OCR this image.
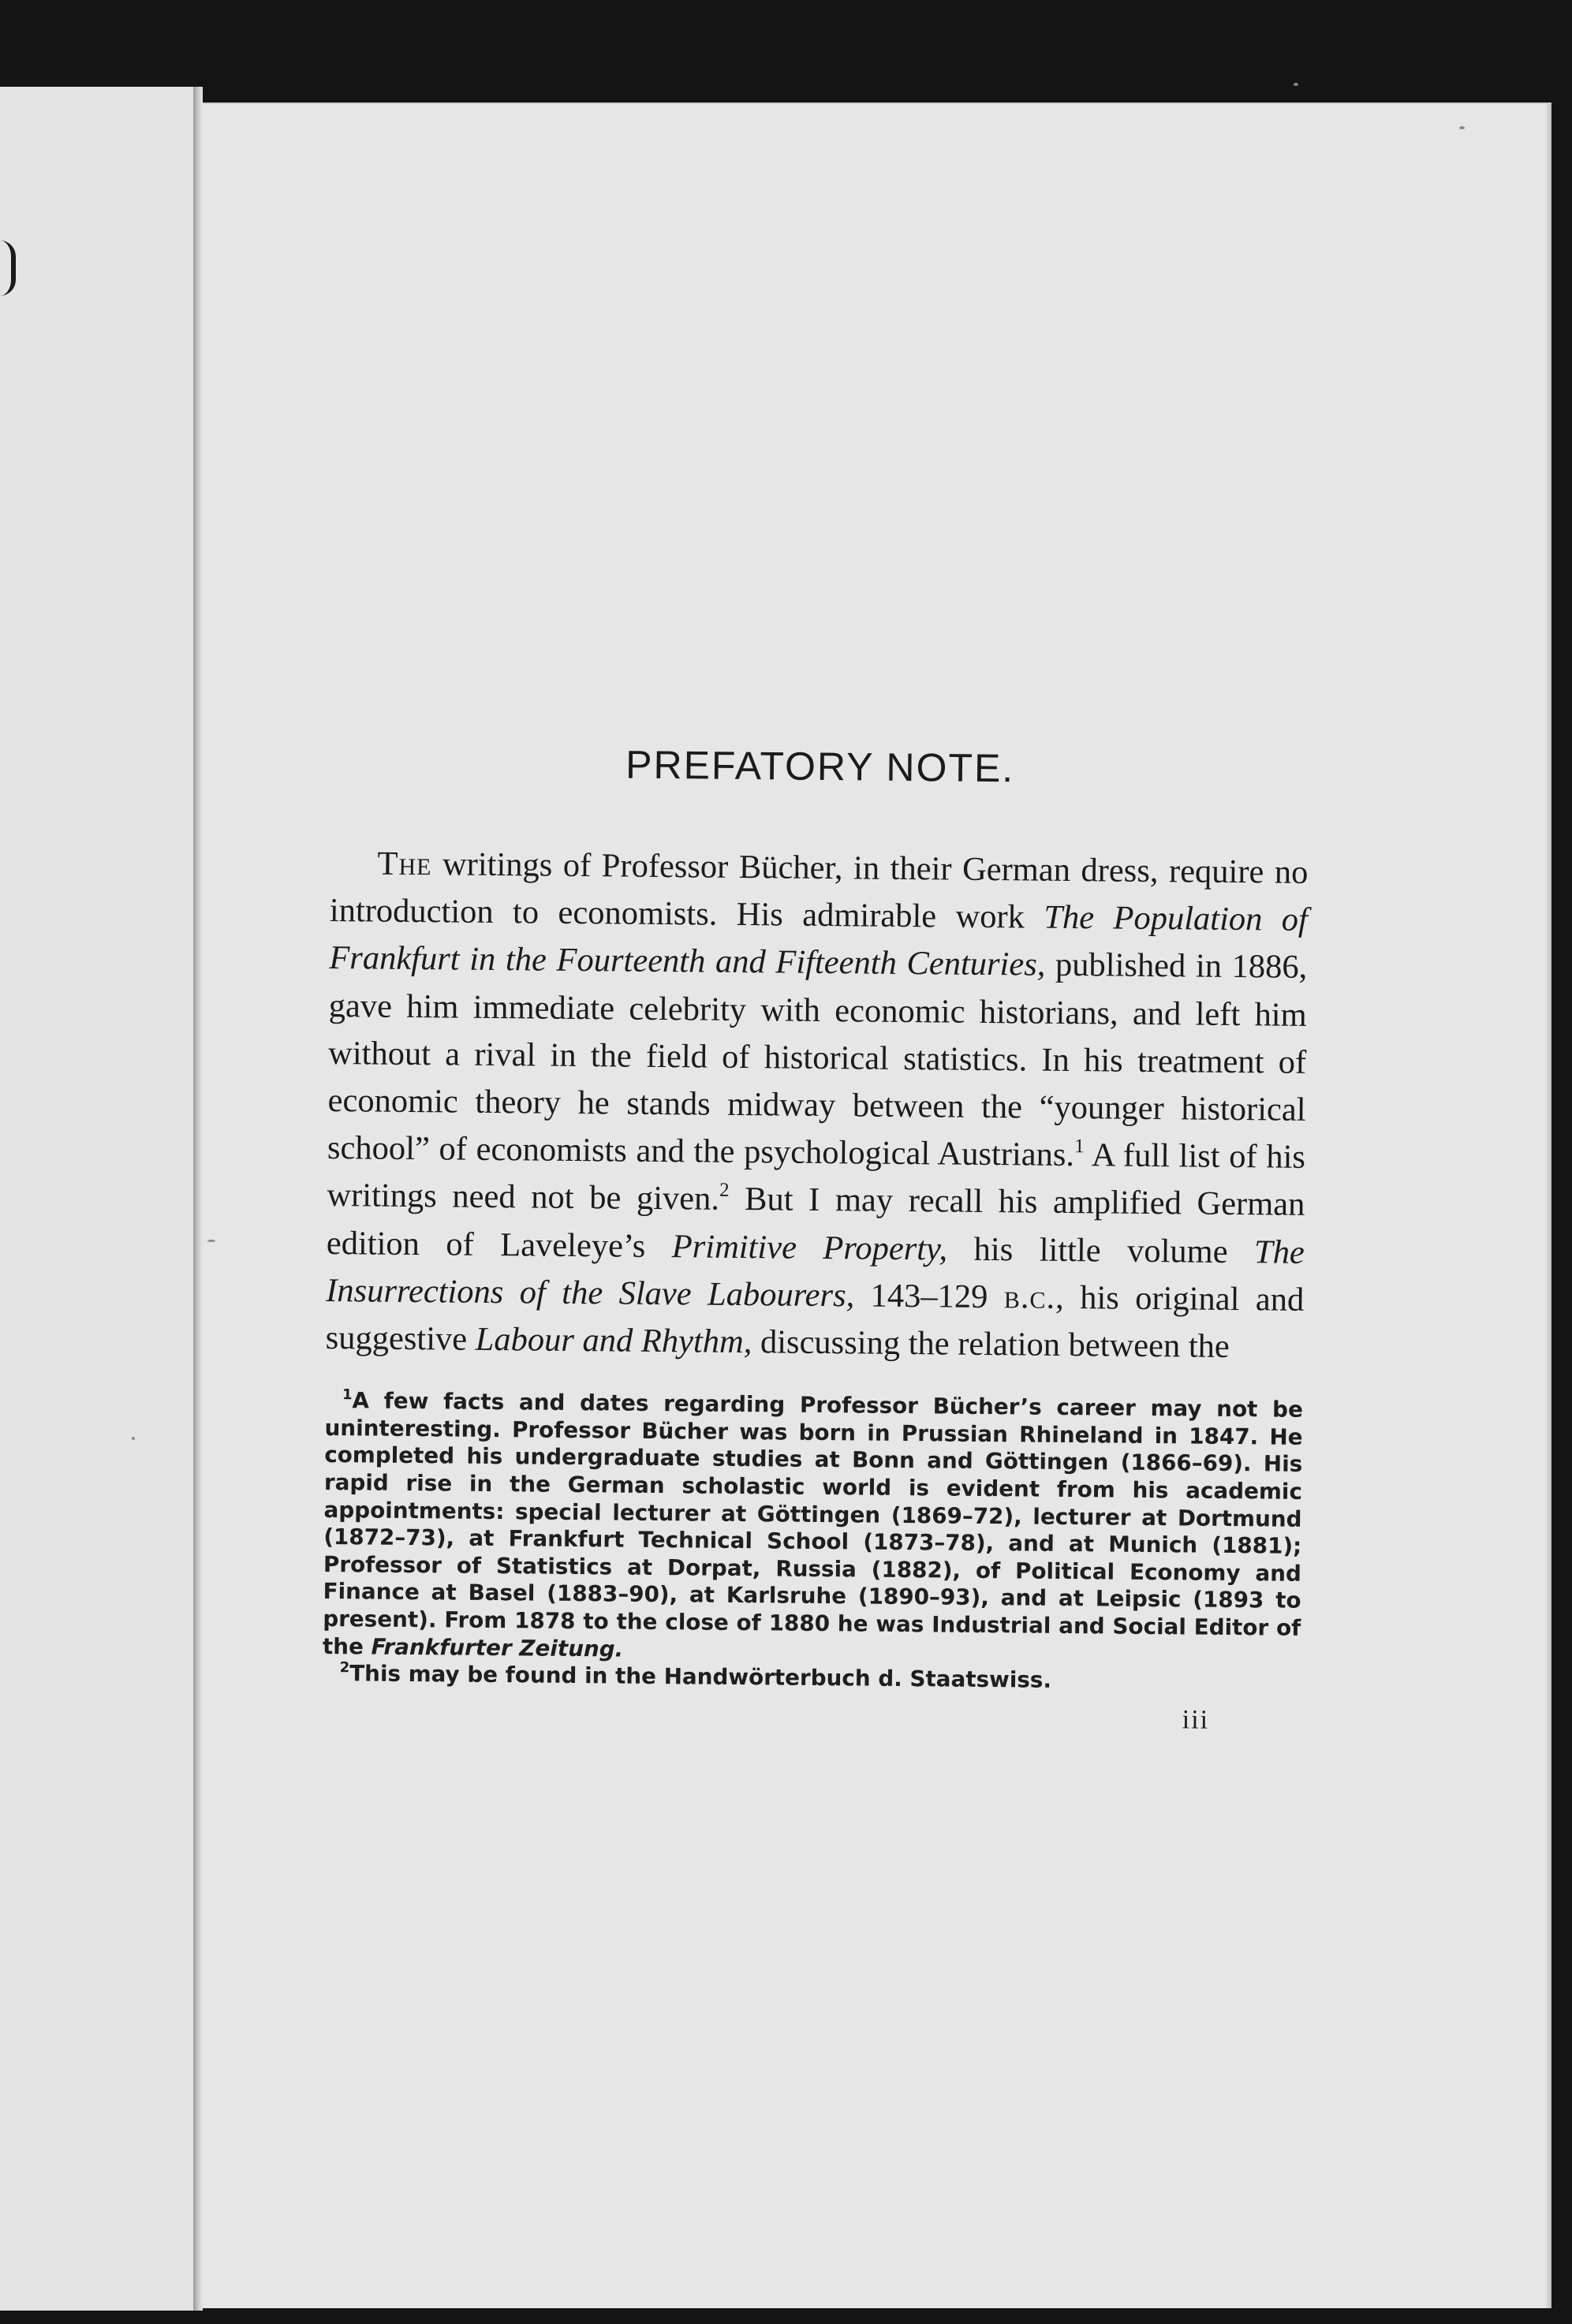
PREFATORY NOTE.

The writings of Professor Bücher, in their German dress, require no introduction to economists. His admirable work The Population of Frankfurt in the Fourteenth and Fifteenth Centuries, published in 1886, gave him immediate celebrity with economic historians, and left him without a rival in the field of historical statistics. In his treatment of economic theory he stands midway between the “younger historical school” of economists and the psychological Austrians.$^1$ A full list of his writings need not be given.$^2$ But I may recall his amplified German edition of Laveleye’s Primitive Property, his little volume The Insurrections of the Slave Labourers, 143–129 b.c., his original and suggestive Labour and Rhythm, discussing the relation between the

$^1$A few facts and dates regarding Professor Bücher’s career may not be uninteresting. Professor Bücher was born in Prussian Rhineland in 1847. He completed his undergraduate studies at Bonn and Göttingen (1866–69). His rapid rise in the German scholastic world is evident from his academic appointments: special lecturer at Göttingen (1869–72), lecturer at Dortmund (1872–73), at Frankfurt Technical School (1873–78), and at Munich (1881); Professor of Statistics at Dorpat, Russia (1882), of Political Economy and Finance at Basel (1883–90), at Karlsruhe (1890–93), and at Leipsic (1893 to present). From 1878 to the close of 1880 he was Industrial and Social Editor of the Frankfurter Zeitung.

$^2$This may be found in the Handwörterbuch d. Staatswiss.

iii
